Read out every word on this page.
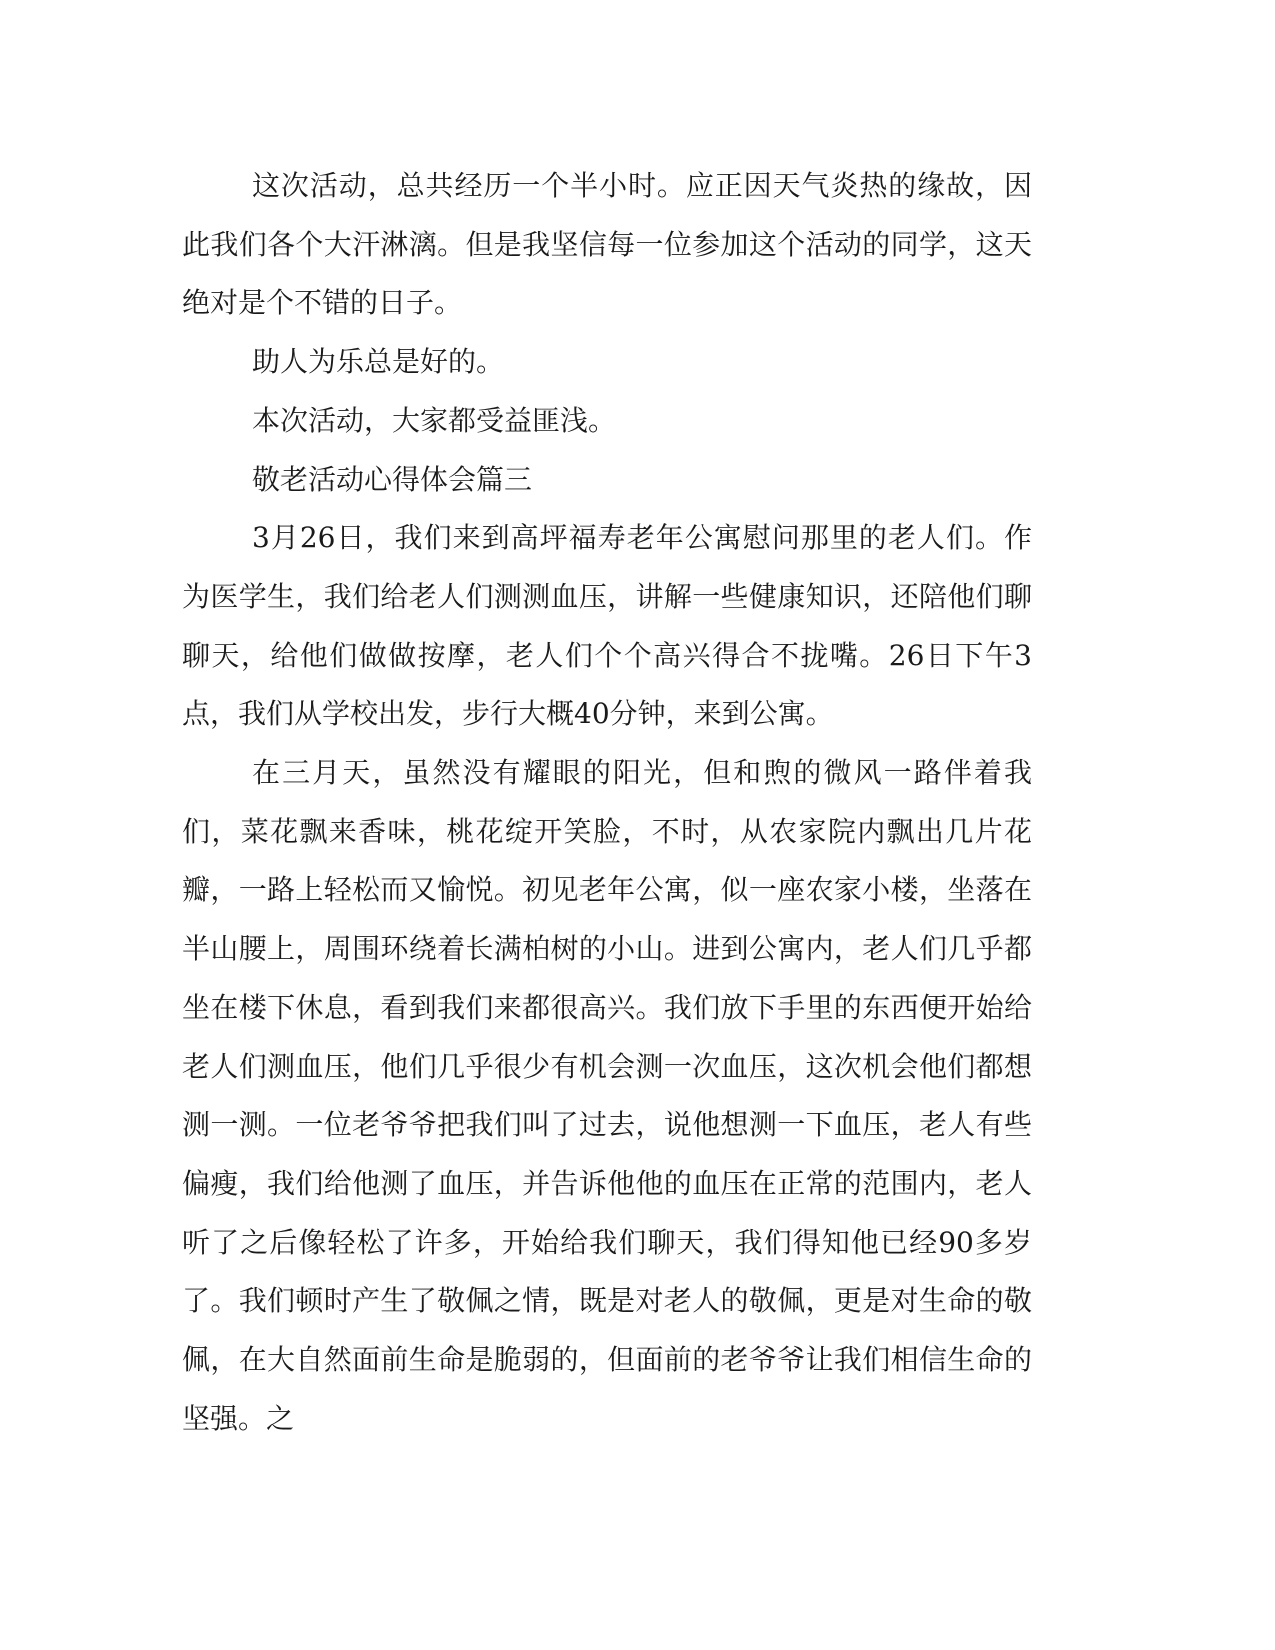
这次活动，总共经历一个半小时。应正因天气炎热的缘故，因此我们各个大汗淋漓。但是我坚信每一位参加这个活动的同学，这天绝对是个不错的日子。

助人为乐总是好的。

本次活动，大家都受益匪浅。

敬老活动心得体会篇三

3月26日，我们来到高坪福寿老年公寓慰问那里的老人们。作为医学生，我们给老人们测测血压，讲解一些健康知识，还陪他们聊聊天，给他们做做按摩，老人们个个高兴得合不拢嘴。26日下午3点，我们从学校出发，步行大概40分钟，来到公寓。

在三月天，虽然没有耀眼的阳光，但和煦的微风一路伴着我们，菜花飘来香味，桃花绽开笑脸，不时，从农家院内飘出几片花瓣，一路上轻松而又愉悦。初见老年公寓，似一座农家小楼，坐落在半山腰上，周围环绕着长满柏树的小山。进到公寓内，老人们几乎都坐在楼下休息，看到我们来都很高兴。我们放下手里的东西便开始给老人们测血压，他们几乎很少有机会测一次血压，这次机会他们都想测一测。一位老爷爷把我们叫了过去，说他想测一下血压，老人有些偏瘦，我们给他测了血压，并告诉他他的血压在正常的范围内，老人听了之后像轻松了许多，开始给我们聊天，我们得知他已经90多岁了。我们顿时产生了敬佩之情，既是对老人的敬佩，更是对生命的敬佩，在大自然面前生命是脆弱的，但面前的老爷爷让我们相信生命的坚强。之
